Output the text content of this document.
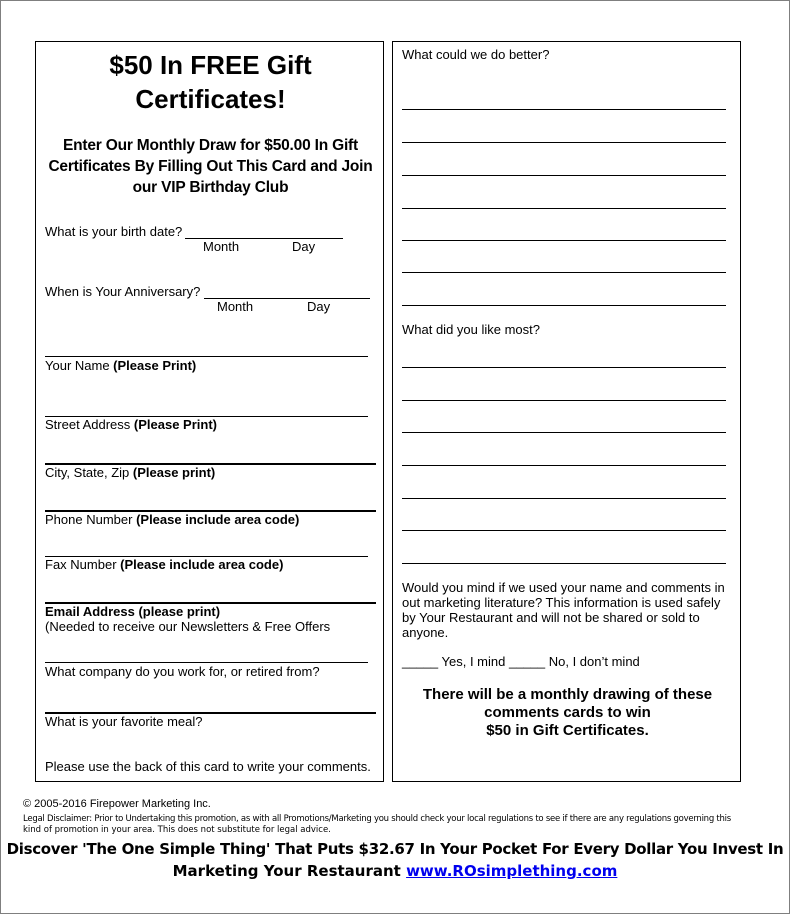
$50 In FREE Gift
Certificates!
Enter Our Monthly Draw for $50.00 In Gift
Certificates By Filling Out This Card and Join
our VIP Birthday Club
What is your birth date?
Month	Day
When is Your Anniversary?
Month	Day
Your Name (Please Print)
Street Address (Please Print)
City, State, Zip (Please print)
Phone Number (Please include area code)
Fax Number (Please include area code)
Email Address (please print)
(Needed to receive our Newsletters & Free Offers
What company do you work for, or retired from?
What is your favorite meal?
Please use the back of this card to write your comments.
What could we do better?
What did you like most?
Would you mind if we used your name and comments in
out marketing literature? This information is used safely
by Your Restaurant and will not be shared or sold to
anyone.
_____ Yes, I mind _____ No, I don’t mind
There will be a monthly drawing of these
comments cards to win
$50 in Gift Certificates.
© 2005-2016 Firepower Marketing Inc.
Legal Disclaimer: Prior to Undertaking this promotion, as with all Promotions/Marketing you should check your local regulations to see if there are any regulations governing this
kind of promotion in your area. This does not substitute for legal advice.
Discover 'The One Simple Thing' That Puts $32.67 In Your Pocket For Every Dollar You Invest In
Marketing Your Restaurant www.ROsimplething.com
